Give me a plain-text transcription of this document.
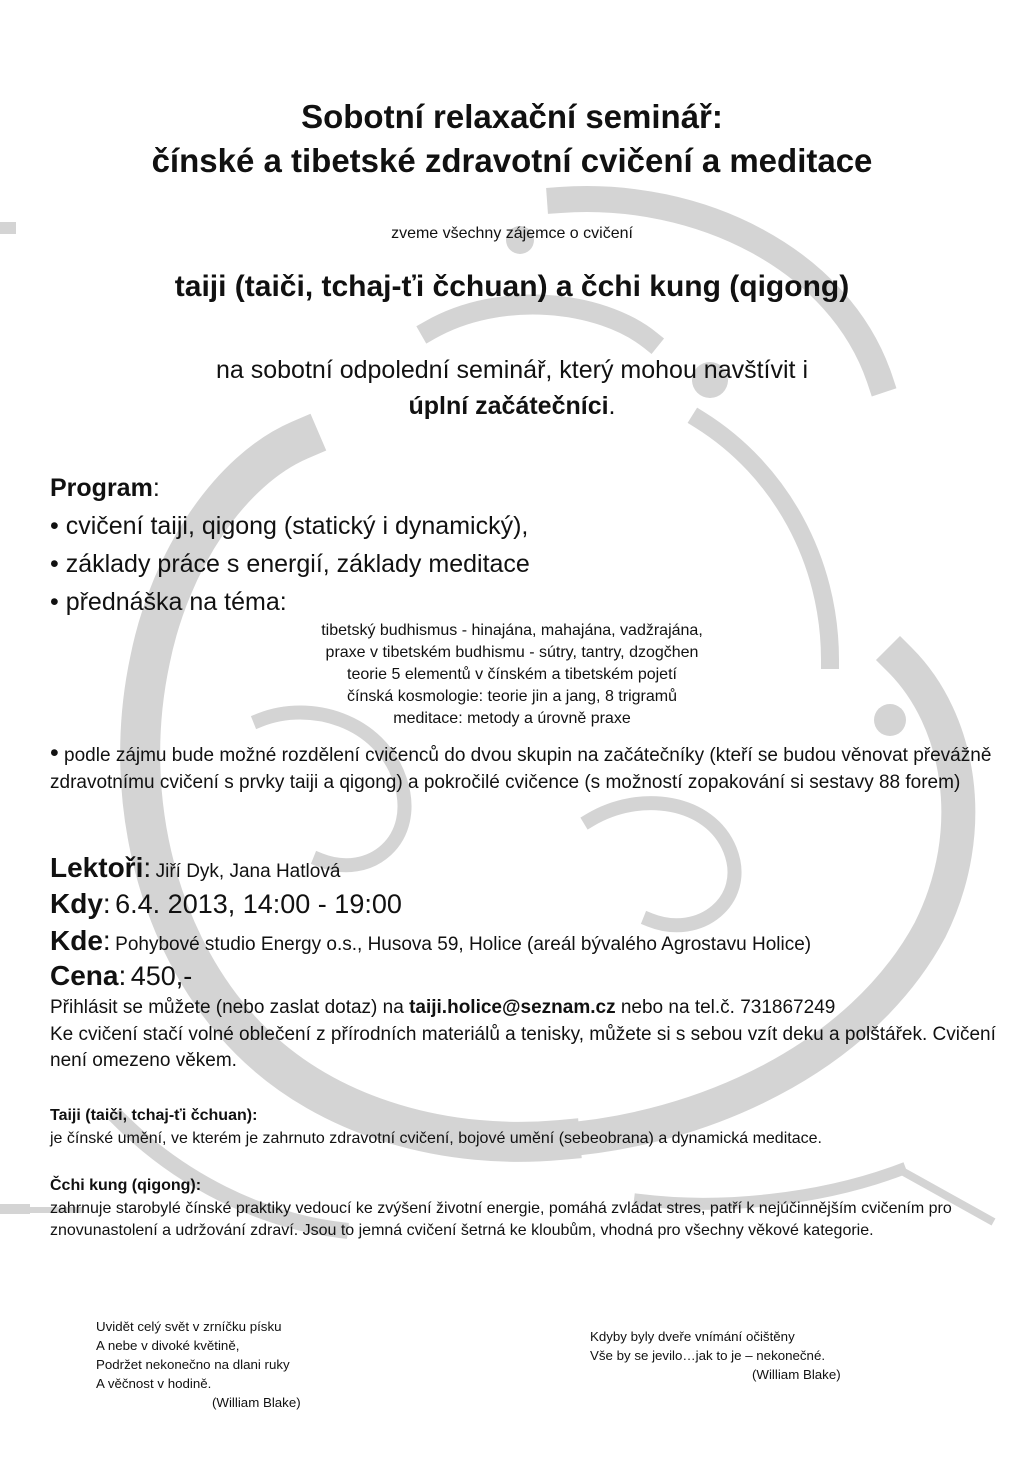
Sobotní relaxační seminář:
čínské a tibetské zdravotní cvičení a meditace

zveme všechny zájemce o cvičení

taiji (taiči, tchaj-ťi čchuan) a čchi kung (qigong)

na sobotní odpolední seminář, který mohou navštívit i
úplní začátečníci.

Program:

• cvičení taiji, qigong (statický i dynamický),

• základy práce s energií, základy meditace

• přednáška na téma:

tibetský budhismus - hinajána, mahajána, vadžrajána,
praxe v tibetském budhismu - sútry, tantry, dzogčhen
teorie 5 elementů v čínském a tibetském pojetí
čínská kosmologie: teorie jin a jang, 8 trigramů
meditace: metody a úrovně praxe

• podle zájmu bude možné rozdělení cvičenců do dvou skupin na začátečníky (kteří se budou věnovat převážně zdravotnímu cvičení s prvky taiji a qigong) a pokročilé cvičence (s možností zopakování si sestavy 88 forem)

Lektoři: Jiří Dyk, Jana Hatlová

Kdy: 6.4. 2013, 14:00 - 19:00

Kde: Pohybové studio Energy o.s., Husova 59, Holice (areál bývalého Agrostavu Holice)

Cena: 450,-

Přihlásit se můžete (nebo zaslat dotaz) na taiji.holice@seznam.cz nebo na tel.č. 731867249
Ke cvičení stačí volné oblečení z přírodních materiálů a tenisky, můžete si s sebou vzít deku a polštářek. Cvičení není omezeno věkem.
Taiji (taiči, tchaj-ťi čchuan):
je čínské umění, ve kterém je zahrnuto zdravotní cvičení, bojové umění (sebeobrana) a dynamická meditace.
Čchi kung (qigong):
zahrnuje starobylé čínské praktiky vedoucí ke zvýšení životní energie, pomáhá zvládat stres, patří k nejúčinnějším cvičením pro znovunastolení a udržování zdraví. Jsou to jemná cvičení šetrná ke kloubům, vhodná pro všechny věkové kategorie.
Uvidět celý svět v zrníčku písku
A nebe v divoké květině,
Podržet nekonečno na dlani ruky
A věčnost v hodině.
(William Blake)
Kdyby byly dveře vnímání očištěny
Vše by se jevilo…jak to je – nekonečné.
(William Blake)
